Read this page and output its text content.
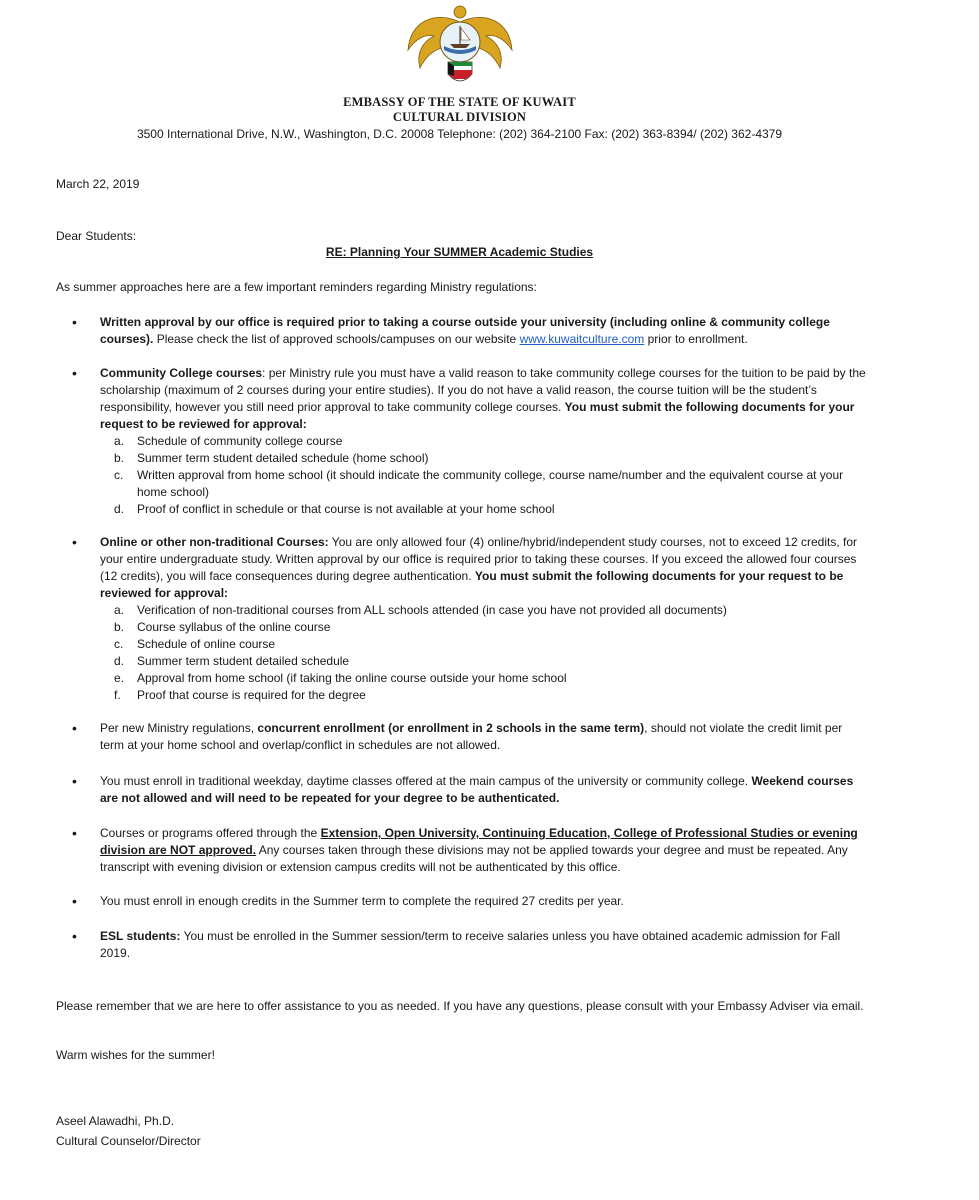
EMBASSY OF THE STATE OF KUWAIT
CULTURAL DIVISION
3500 International Drive, N.W., Washington, D.C. 20008 Telephone: (202) 364-2100 Fax: (202) 363-8394/ (202) 362-4379
March 22, 2019
Dear Students:
RE: Planning Your SUMMER Academic Studies
As summer approaches here are a few important reminders regarding Ministry regulations:
• Written approval by our office is required prior to taking a course outside your university (including online & community college courses). Please check the list of approved schools/campuses on our website www.kuwaitculture.com prior to enrollment.
• Community College courses: per Ministry rule you must have a valid reason to take community college courses for the tuition to be paid by the scholarship (maximum of 2 courses during your entire studies). If you do not have a valid reason, the course tuition will be the student’s responsibility, however you still need prior approval to take community college courses. You must submit the following documents for your request to be reviewed for approval:
a. Schedule of community college course
b. Summer term student detailed schedule (home school)
c. Written approval from home school (it should indicate the community college, course name/number and the equivalent course at your home school)
d. Proof of conflict in schedule or that course is not available at your home school
• Online or other non-traditional Courses: You are only allowed four (4) online/hybrid/independent study courses, not to exceed 12 credits, for your entire undergraduate study. Written approval by our office is required prior to taking these courses. If you exceed the allowed four courses (12 credits), you will face consequences during degree authentication. You must submit the following documents for your request to be reviewed for approval:
a. Verification of non-traditional courses from ALL schools attended (in case you have not provided all documents)
b. Course syllabus of the online course
c. Schedule of online course
d. Summer term student detailed schedule
e. Approval from home school (if taking the online course outside your home school
f. Proof that course is required for the degree
• Per new Ministry regulations, concurrent enrollment (or enrollment in 2 schools in the same term), should not violate the credit limit per term at your home school and overlap/conflict in schedules are not allowed.
• You must enroll in traditional weekday, daytime classes offered at the main campus of the university or community college. Weekend courses are not allowed and will need to be repeated for your degree to be authenticated.
• Courses or programs offered through the Extension, Open University, Continuing Education, College of Professional Studies or evening division are NOT approved. Any courses taken through these divisions may not be applied towards your degree and must be repeated. Any transcript with evening division or extension campus credits will not be authenticated by this office.
• You must enroll in enough credits in the Summer term to complete the required 27 credits per year.
• ESL students: You must be enrolled in the Summer session/term to receive salaries unless you have obtained academic admission for Fall 2019.
Please remember that we are here to offer assistance to you as needed. If you have any questions, please consult with your Embassy Adviser via email.
Warm wishes for the summer!
Aseel Alawadhi, Ph.D.
Cultural Counselor/Director
